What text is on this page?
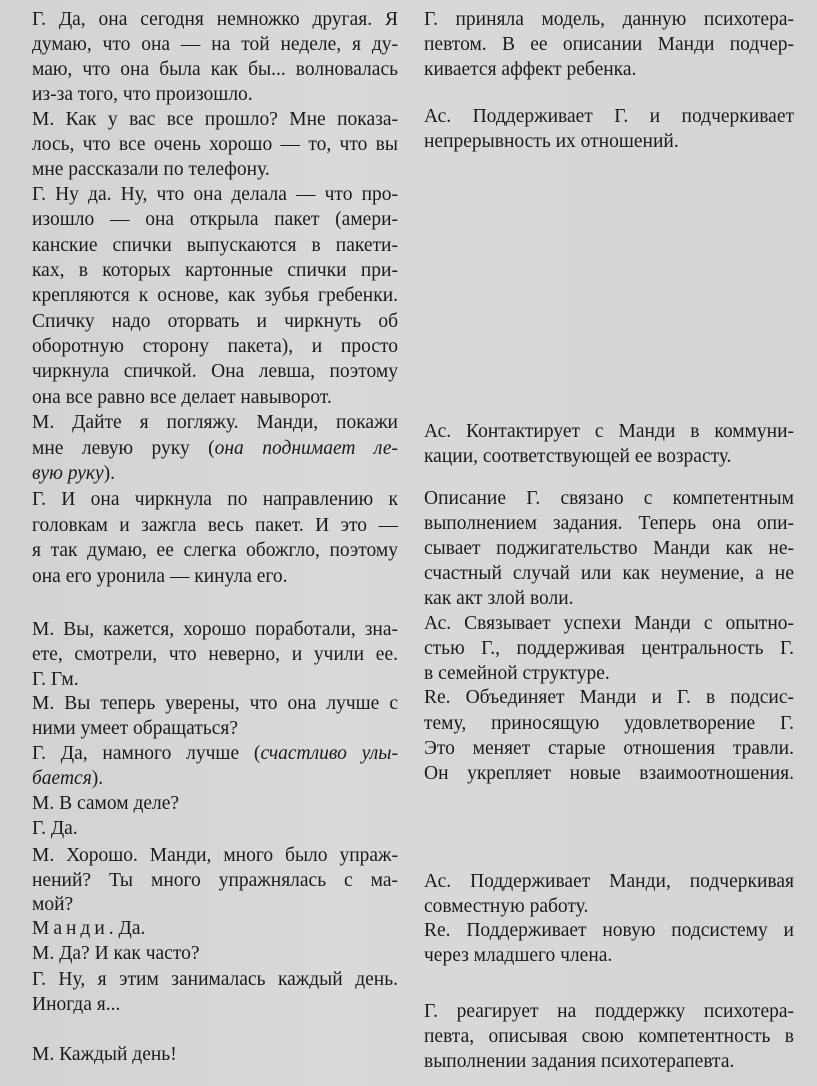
Г. Да, она сегодня немножко другая. Я
думаю, что она — на той неделе, я ду-
маю, что она была как бы... волновалась
из-за того, что произошло.
М. Как у вас все прошло? Мне показа-
лось, что все очень хорошо — то, что вы
мне рассказали по телефону.
Г. Ну да. Ну, что она делала — что про-
изошло — она открыла пакет (амери-
канские спички выпускаются в пакети-
ках, в которых картонные спички при-
крепляются к основе, как зубья гребенки.
Спичку надо оторвать и чиркнуть об
оборотную сторону пакета), и просто
чиркнула спичкой. Она левша, поэтому
она все равно все делает навыворот.
М. Дайте я погляжу. Манди, покажи
мне левую руку (она поднимает ле-
вую руку).
Г. И она чиркнула по направлению к
головкам и зажгла весь пакет. И это —
я так думаю, ее слегка обожгло, поэтому
она его уронила — кинула его.
М. Вы, кажется, хорошо поработали, зна-
ете, смотрели, что неверно, и учили ее.
Г. Гм.
М. Вы теперь уверены, что она лучше с
ними умеет обращаться?
Г. Да, намного лучше (счастливо улы-
бается).
М. В самом деле?
Г. Да.
М. Хорошо. Манди, много было упраж-
нений? Ты много упражнялась с ма-
мой?
Манди. Да.
М. Да? И как часто?
Г. Ну, я этим занималась каждый день.
Иногда я...
М. Каждый день!
Г. приняла модель, данную психотера-
певтом. В ее описании Манди подчер-
кивается аффект ребенка.
Ас. Поддерживает Г. и подчеркивает
непрерывность их отношений.
Ас. Контактирует с Манди в коммуни-
кации, соответствующей ее возрасту.
Описание Г. связано с компетентным
выполнением задания. Теперь она опи-
сывает поджигательство Манди как не-
счастный случай или как неумение, а не
как акт злой воли.
Ас. Связывает успехи Манди с опытно-
стью Г., поддерживая центральность Г.
в семейной структуре.
Re. Объединяет Манди и Г. в подсис-
тему, приносящую удовлетворение Г.
Это меняет старые отношения травли.
Он укрепляет новые взаимоотношения.
Ас. Поддерживает Манди, подчеркивая
совместную работу.
Re. Поддерживает новую подсистему и
через младшего члена.
Г. реагирует на поддержку психотера-
певта, описывая свою компетентность в
выполнении задания психотерапевта.
